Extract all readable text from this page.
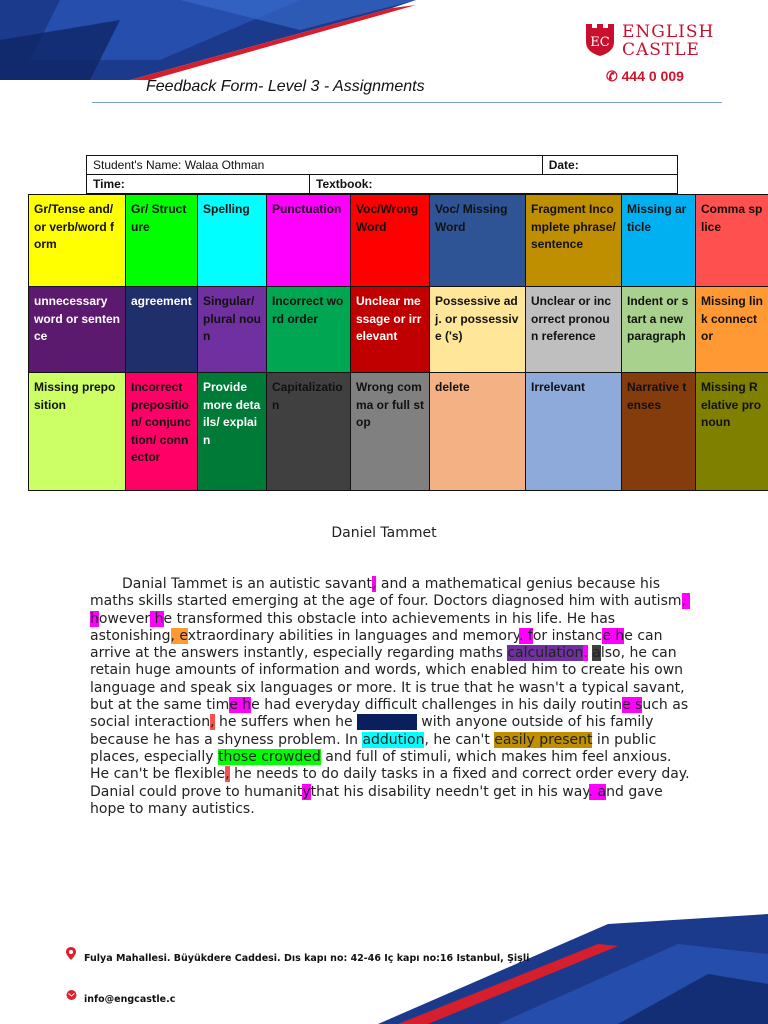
EC
ENGLISH
CASTLE
✆ 444 0 009
Feedback Form- Level 3 - Assignments
Student's Name: Walaa Othman		Date:
Time:	Textbook:	
Gr/Tense and/or verb/word form	Gr/ Structure	Spelling	Punctuation	Voc/Wrong Word	Voc/ Missing Word	Fragment Incomplete phrase/ sentence	Missing article	Comma splice
unnecessary word or sentence	agreement	Singular/ plural noun	Incorrect word order	Unclear message or irrelevant	Possessive adj. or possessive ('s)	Unclear or incorrect pronoun reference	Indent or start a new paragraph	Missing link connector
Missing preposition	Incorrect preposition/ conjunction/ connector	Provide more details/ explain	Capitalization	Wrong comma or full stop	delete	Irrelevant	Narrative tenses	Missing Relative pronoun
Daniel Tammet

Danial Tammet is an autistic savant, and a mathematical genius because his maths skills started emerging at the age of four. Doctors diagnosed him with autism, however he transformed this obstacle into achievements in his life. He has astonishing, extraordinary abilities in languages and memory. for instance he can arrive at the answers instantly, especially regarding maths calculation. also, he can retain huge amounts of information and words, which enabled him to create his own language and speak six languages or more. It is true that he wasn't a typical savant, but at the same time he had everyday difficult challenges in his daily routine such as social interaction, he suffers when he socialize with anyone outside of his family because he has a shyness problem. In addution, he can't easily present in public places, especially those crowded and full of stimuli, which makes him feel anxious. He can't be flexible, he needs to do daily tasks in a fixed and correct order every day. Danial could prove to humanitythat his disability needn't get in his way. and gave hope to many autistics.

Fulya Mahallesi. Büyükdere Caddesi. Dıs kapı no: 42-46 Iç kapı no:16 Istanbul, Şişli
info@engcastle.c
